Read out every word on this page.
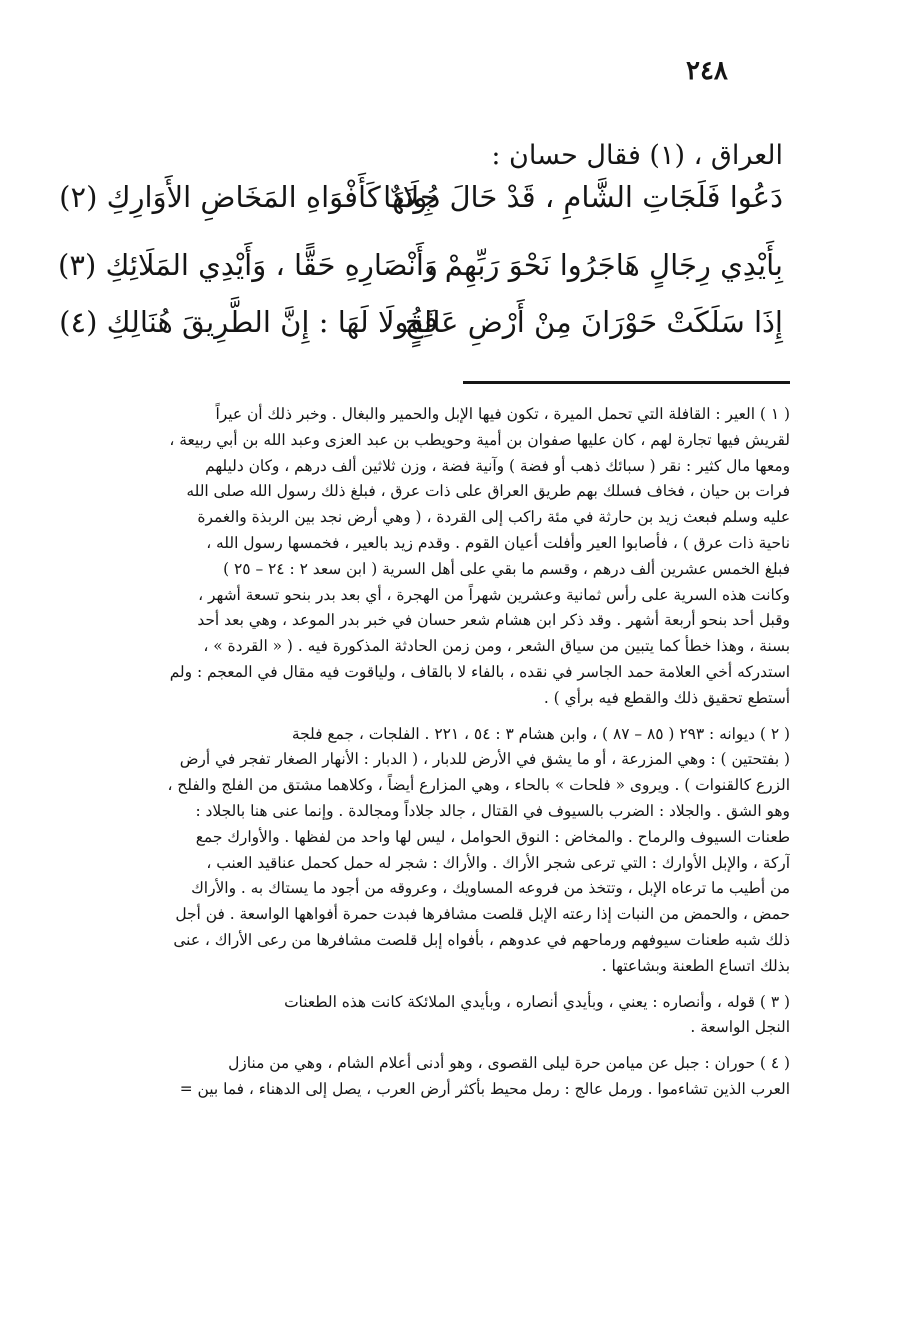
٢٤٨
العراق ، (١) فقال حسان :
دَعُوا فَلَجَاتِ الشَّامِ ، قَدْ حَالَ دُونَهَا
جِلَادٌ كَأَفْوَاهِ المَخَاضِ الأَوَارِكِ (٢)
بِأَيْدِي رِجَالٍ هَاجَرُوا نَحْوَ رَبِّهِمْ ،
وَأَنْصَارِهِ حَقًّا ، وَأَيْدِي المَلَائِكِ (٣)
إِذَا سَلَكَتْ حَوْرَانَ مِنْ أَرْضِ عَالِجٍ
فَقُولَا لَهَا : إِنَّ الطَّرِيقَ هُنَالِكِ (٤)
( ١ ) العير : القافلة التي تحمل الميرة ، تكون فيها الإبل والحمير والبغال . وخبر ذلك أن عيراً
لقريش فيها تجارة لهم ، كان عليها صفوان بن أمية وحويطب بن عبد العزى وعبد الله بن أبي ربيعة ،
ومعها مال كثير : نقر ( سبائك ذهب أو فضة ) وآنية فضة ، وزن ثلاثين ألف درهم ، وكان دليلهم
فرات بن حيان ، فخاف فسلك بهم طريق العراق على ذات عرق ، فبلغ ذلك رسول الله صلى الله
عليه وسلم فبعث زيد بن حارثة في مئة راكب إلى القردة ، ( وهي أرض نجد بين الربذة والغمرة
ناحية ذات عرق ) ، فأصابوا العير وأفلت أعيان القوم . وقدم زيد بالعير ، فخمسها رسول الله ،
فبلغ الخمس عشرين ألف درهم ، وقسم ما بقي على أهل السرية ( ابن سعد ٢ : ٢٤ – ٢٥ )
وكانت هذه السرية على رأس ثمانية وعشرين شهراً من الهجرة ، أي بعد بدر بنحو تسعة أشهر ،
وقبل أحد بنحو أربعة أشهر . وقد ذكر ابن هشام شعر حسان في خبر بدر الموعد ، وهي بعد أحد
بسنة ، وهذا خطأ كما يتبين من سياق الشعر ، ومن زمن الحادثة المذكورة فيه . ( « القردة » ،
استدركه أخي العلامة حمد الجاسر في نقده ، بالفاء لا بالقاف ، ولياقوت فيه مقال في المعجم : ولم
أستطع تحقيق ذلك والقطع فيه برأي ) .
( ٢ ) ديوانه : ٢٩٣ ( ٨٥ – ٨٧ ) ، وابن هشام ٣ : ٥٤ ، ٢٢١ . الفلجات ، جمع فلجة
( بفتحتين ) : وهي المزرعة ، أو ما يشق في الأرض للدبار ، ( الدبار : الأنهار الصغار تفجر في أرض
الزرع كالقنوات ) . ويروى « فلحات » بالحاء ، وهي المزارع أيضاً ، وكلاهما مشتق من الفلج والفلح ،
وهو الشق . والجلاد : الضرب بالسيوف في القتال ، جالد جلاداً ومجالدة . وإنما عنى هنا بالجلاد :
طعنات السيوف والرماح . والمخاض : النوق الحوامل ، ليس لها واحد من لفظها . والأوارك جمع
آركة ، والإبل الأوارك : التي ترعى شجر الأراك . والأراك : شجر له حمل كحمل عناقيد العنب ،
من أطيب ما ترعاه الإبل ، وتتخذ من فروعه المساويك ، وعروقه من أجود ما يستاك به . والأراك
حمض ، والحمض من النبات إذا رعته الإبل قلصت مشافرها فبدت حمرة أفواهها الواسعة . فن أجل
ذلك شبه طعنات سيوفهم ورماحهم في عدوهم ، بأفواه إبل قلصت مشافرها من رعى الأراك ، عنى
بذلك اتساع الطعنة وبشاعتها .
( ٣ ) قوله ، وأنصاره : يعني ، وبأيدي أنصاره ، وبأيدي الملائكة كانت هذه الطعنات
النجل الواسعة .
( ٤ ) حوران : جبل عن ميامن حرة ليلى القصوى ، وهو أدنى أعلام الشام ، وهي من منازل
العرب الذين تشاءموا . ورمل عالج : رمل محيط بأكثر أرض العرب ، يصل إلى الدهناء ، فما بين =
